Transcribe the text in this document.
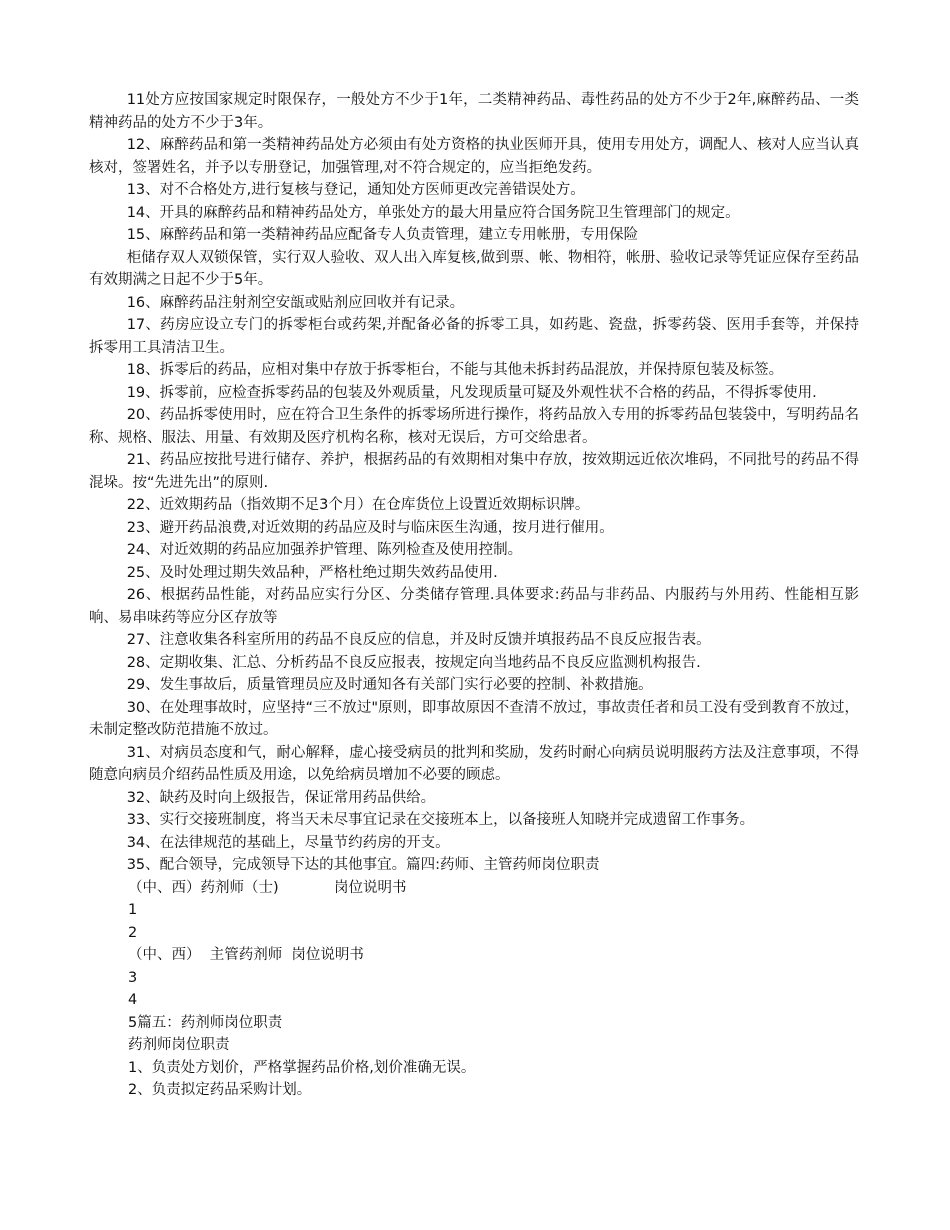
11处方应按国家规定时限保存，一般处方不少于1年，二类精神药品、毒性药品的处方不少于2年,麻醉药品、一类精神药品的处方不少于3年。

12、麻醉药品和第一类精神药品处方必须由有处方资格的执业医师开具，使用专用处方，调配人、核对人应当认真核对，签署姓名，并予以专册登记，加强管理,对不符合规定的，应当拒绝发药。

13、对不合格处方,进行复核与登记，通知处方医师更改完善错误处方。

14、开具的麻醉药品和精神药品处方，单张处方的最大用量应符合国务院卫生管理部门的规定。

15、麻醉药品和第一类精神药品应配备专人负责管理，建立专用帐册，专用保险

柜储存双人双锁保管，实行双人验收、双人出入库复核,做到票、帐、物相符，帐册、验收记录等凭证应保存至药品有效期满之日起不少于5年。

16、麻醉药品注射剂空安瓿或贴剂应回收并有记录。

17、药房应设立专门的拆零柜台或药架,并配备必备的拆零工具，如药匙、瓷盘，拆零药袋、医用手套等，并保持拆零用工具清洁卫生。

18、拆零后的药品，应相对集中存放于拆零柜台，不能与其他未拆封药品混放，并保持原包装及标签。

19、拆零前，应检查拆零药品的包装及外观质量，凡发现质量可疑及外观性状不合格的药品，不得拆零使用.

20、药品拆零使用时，应在符合卫生条件的拆零场所进行操作，将药品放入专用的拆零药品包装袋中，写明药品名称、规格、服法、用量、有效期及医疗机构名称，核对无误后，方可交给患者。

21、药品应按批号进行储存、养护，根据药品的有效期相对集中存放，按效期远近依次堆码，不同批号的药品不得混垛。按“先进先出”的原则.

22、近效期药品（指效期不足3个月）在仓库货位上设置近效期标识牌。

23、避开药品浪费,对近效期的药品应及时与临床医生沟通，按月进行催用。

24、对近效期的药品应加强养护管理、陈列检查及使用控制。

25、及时处理过期失效品种，严格杜绝过期失效药品使用.

26、根据药品性能，对药品应实行分区、分类储存管理.具体要求:药品与非药品、内服药与外用药、性能相互影响、易串味药等应分区存放等

27、注意收集各科室所用的药品不良反应的信息，并及时反馈并填报药品不良反应报告表。

28、定期收集、汇总、分析药品不良反应报表，按规定向当地药品不良反应监测机构报告.

29、发生事故后，质量管理员应及时通知各有关部门实行必要的控制、补救措施。

30、在处理事故时，应坚持“三不放过"原则，即事故原因不查清不放过，事故责任者和员工没有受到教育不放过，未制定整改防范措施不放过。

31、对病员态度和气，耐心解释，虚心接受病员的批判和奖励，发药时耐心向病员说明服药方法及注意事项，不得随意向病员介绍药品性质及用途，以免给病员增加不必要的顾虑。

32、缺药及时向上级报告，保证常用药品供给。

33、实行交接班制度，将当天未尽事宜记录在交接班本上，以备接班人知晓并完成遗留工作事务。

34、在法律规范的基础上，尽量节约药房的开支。

35、配合领导，完成领导下达的其他事宜。篇四:药师、主管药师岗位职责

（中、西）药剂师（士)            岗位说明书

1

2

（中、西）  主管药剂师  岗位说明书

3

4

5篇五：药剂师岗位职责

药剂师岗位职责

1、负责处方划价，严格掌握药品价格,划价准确无误。

2、负责拟定药品采购计划。
